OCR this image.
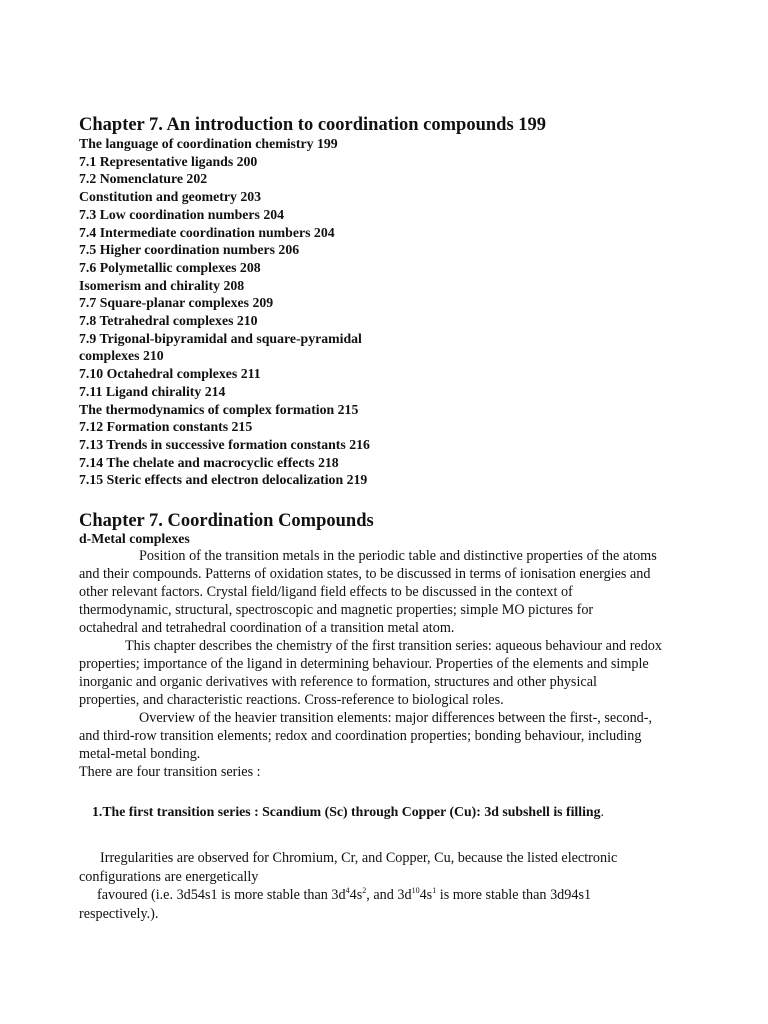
Chapter 7. An introduction to coordination compounds 199
The language of coordination chemistry 199
7.1 Representative ligands 200
7.2 Nomenclature 202
Constitution and geometry 203
7.3 Low coordination numbers 204
7.4 Intermediate coordination numbers 204
7.5 Higher coordination numbers 206
7.6 Polymetallic complexes 208
Isomerism and chirality 208
7.7 Square-planar complexes 209
7.8 Tetrahedral complexes 210
7.9 Trigonal-bipyramidal and square-pyramidal
complexes 210
7.10 Octahedral complexes 211
7.11 Ligand chirality 214
The thermodynamics of complex formation 215
7.12 Formation constants 215
7.13 Trends in successive formation constants 216
7.14 The chelate and macrocyclic effects 218
7.15 Steric effects and electron delocalization 219
Chapter 7. Coordination Compounds
d-Metal complexes
Position of the transition metals in the periodic table and distinctive properties of the atoms
and their compounds. Patterns of oxidation states, to be discussed in terms of ionisation energies and
other relevant factors. Crystal field/ligand field effects to be discussed in the context of
thermodynamic, structural, spectroscopic and magnetic properties; simple MO pictures for
octahedral and tetrahedral coordination of a transition metal atom.
This chapter describes the chemistry of the first transition series: aqueous behaviour and redox
properties; importance of the ligand in determining behaviour. Properties of the elements and simple
inorganic and organic derivatives with reference to formation, structures and other physical
properties, and characteristic reactions. Cross-reference to biological roles.
Overview of the heavier transition elements: major differences between the first-, second-,
and third-row transition elements; redox and coordination properties; bonding behaviour, including
metal-metal bonding.
There are four transition series :
1.The first transition series : Scandium (Sc) through Copper (Cu): 3d subshell is filling.
Irregularities are observed for Chromium, Cr, and Copper, Cu, because the listed electronic
configurations are energetically
favoured (i.e. 3d54s1 is more stable than $3d^44s^2$, and $3d^{10}4s^1$ is more stable than 3d94s1
respectively.).
